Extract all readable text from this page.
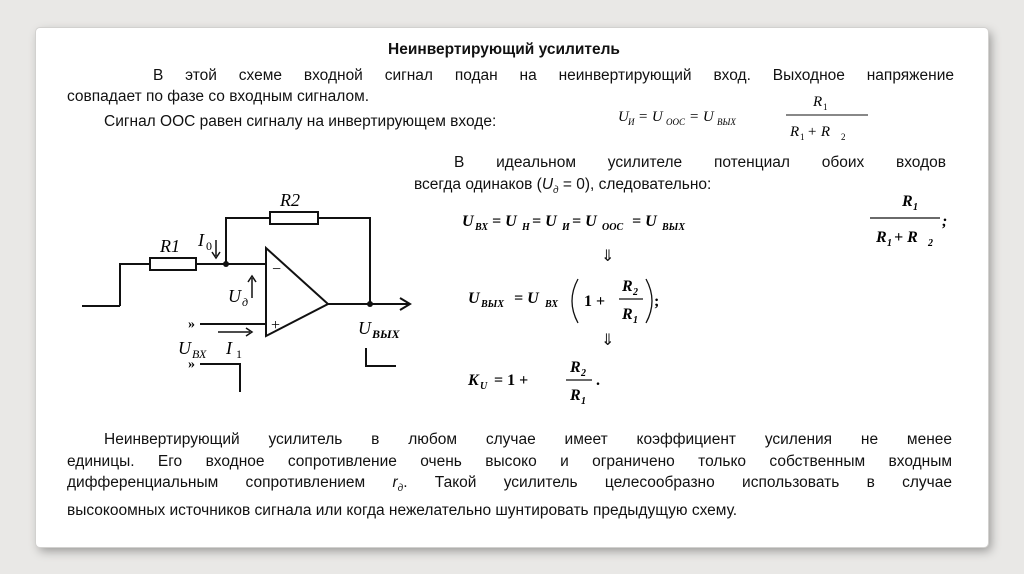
Неинвертирующий усилитель
В этой схеме входной сигнал подан на неинвертирующий вход. Выходное напряжение
совпадает по фазе со входным сигналом.
Сигнал ООС равен сигналу на инвертирующем входе:	U И = U ООС = U ВЫХ
R 1
R 1 + R 2
В идеальном усилителе потенциал обоих входов
всегда одинаков $(U_д = 0)$, следовательно:
U ВХ = U Н = U И = U ООС = U ВЫХ
R 1
R 1 + R 2
;
⇓
U ВЫХ = U ВХ 1 +
R 2
R 1
;
⇓
K U = 1 +
R 2
R 1
.
»
»
R1
R2
I 0
U д
−
+
U ВХ I 1
U ВЫХ

Неинвертирующий усилитель в любом случае имеет коэффициент усиления не менее

единицы. Его входное сопротивление очень высоко и ограничено только собственным входным

дифференциальным сопротивлением $r_д$. Такой усилитель целесообразно использовать в случае

высокоомных источников сигнала или когда нежелательно шунтировать предыдущую схему.
